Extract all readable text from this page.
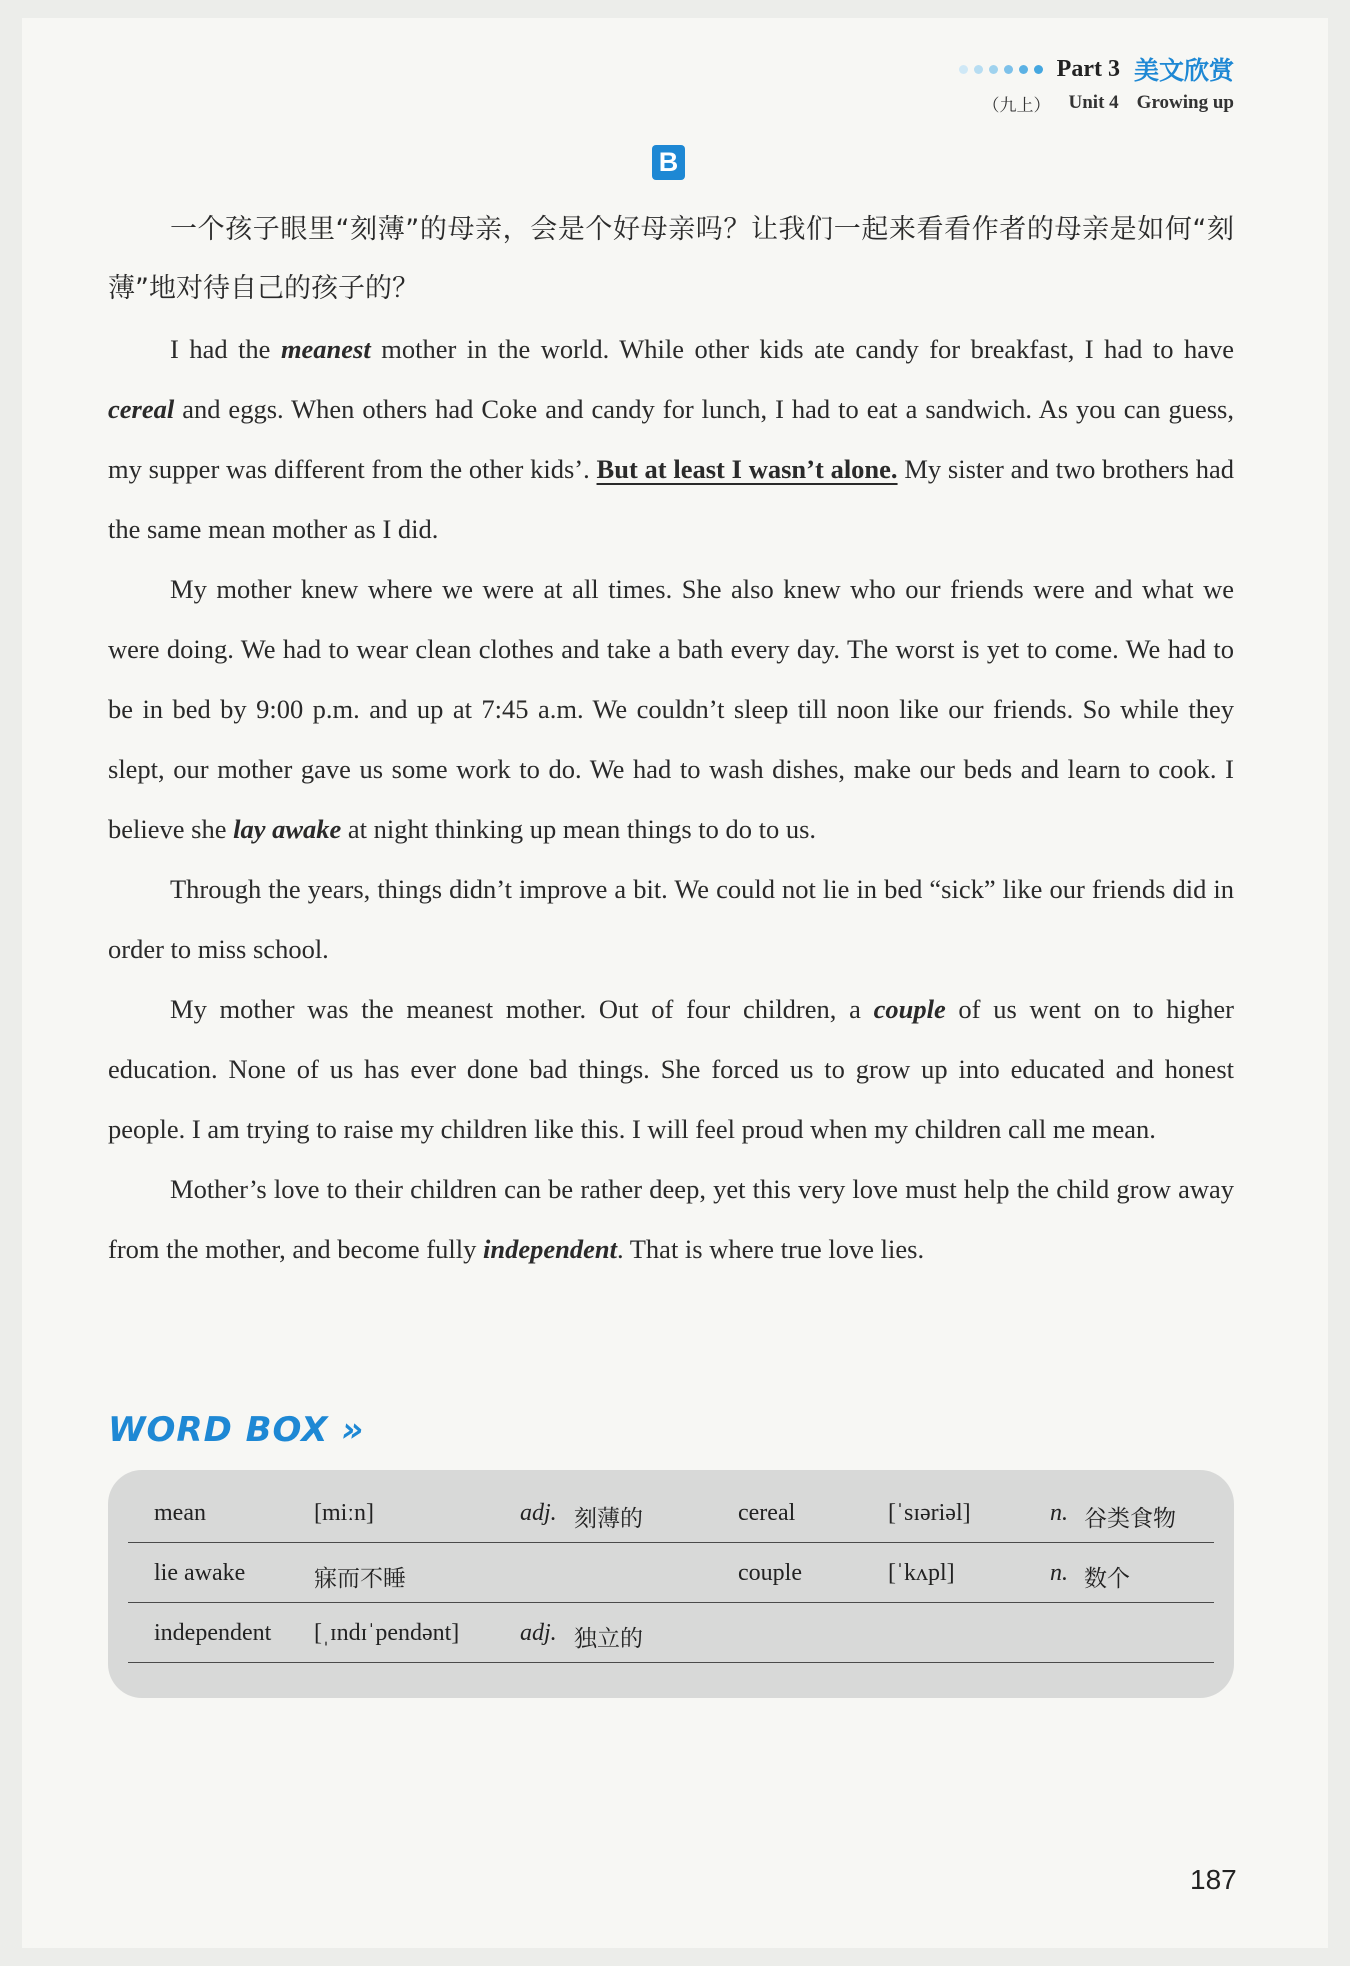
Part 3 美文欣赏
（九上） Unit 4 Growing up
B

一个孩子眼里“刻薄”的母亲，会是个好母亲吗？让我们一起来看看作者的母亲是如何“刻薄”地对待自己的孩子的？

I had the meanest mother in the world. While other kids ate candy for breakfast, I had to have cereal and eggs. When others had Coke and candy for lunch, I had to eat a sandwich. As you can guess, my supper was different from the other kids’. But at least I wasn’t alone. My sister and two brothers had the same mean mother as I did.

My mother knew where we were at all times. She also knew who our friends were and what we were doing. We had to wear clean clothes and take a bath every day. The worst is yet to come. We had to be in bed by 9:00 p.m. and up at 7:45 a.m. We couldn’t sleep till noon like our friends. So while they slept, our mother gave us some work to do. We had to wash dishes, make our beds and learn to cook. I believe she lay awake at night thinking up mean things to do to us.

Through the years, things didn’t improve a bit. We could not lie in bed “sick” like our friends did in order to miss school.

My mother was the meanest mother. Out of four children, a couple of us went on to higher education. None of us has ever done bad things. She forced us to grow up into educated and honest people. I am trying to raise my children like this. I will feel proud when my children call me mean.

Mother’s love to their children can be rather deep, yet this very love must help the child grow away from the mother, and become fully independent. That is where true love lies.

WORD BOX »
mean	[miːn]	adj. 刻薄的	cereal	[ˈsɪəriəl]	n. 谷类食物
lie awake	寐而不睡	couple	[ˈkʌpl]	n. 数个
independent [ˌɪndɪˈpendənt]	adj. 独立的
187
